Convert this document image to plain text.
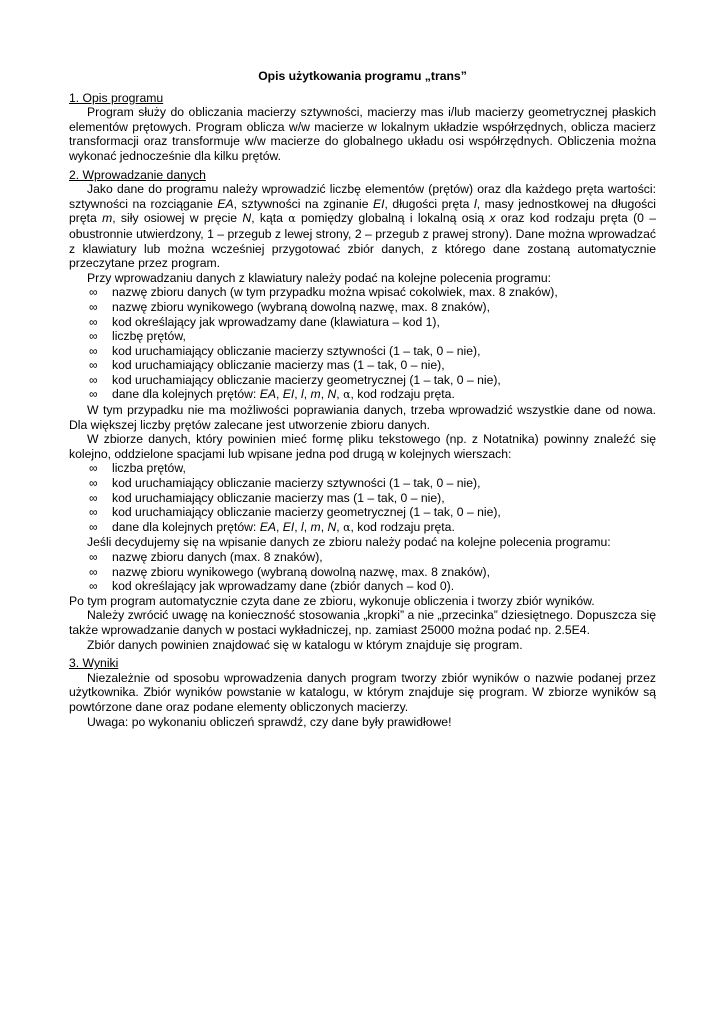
Opis użytkowania programu „trans”
1. Opis programu

Program służy do obliczania macierzy sztywności, macierzy mas i/lub macierzy geometrycznej płaskich elementów prętowych. Program oblicza w/w macierze w lokalnym układzie współrzędnych, oblicza macierz transformacji oraz transformuje w/w macierze do globalnego układu osi współrzędnych. Obliczenia można wykonać jednocześnie dla kilku prętów.

2. Wprowadzanie danych

Jako dane do programu należy wprowadzić liczbę elementów (prętów) oraz dla każdego pręta wartości: sztywności na rozciąganie EA, sztywności na zginanie EI, długości pręta l, masy jednostkowej na długości pręta m, siły osiowej w pręcie N, kąta α pomiędzy globalną i lokalną osią x oraz kod rodzaju pręta (0 – obustronnie utwierdzony, 1 – przegub z lewej strony, 2 – przegub z prawej strony). Dane można wprowadzać z klawiatury lub można wcześniej przygotować zbiór danych, z którego dane zostaną automatycznie przeczytane przez program.

Przy wprowadzaniu danych z klawiatury należy podać na kolejne polecenia programu:

∞ nazwę zbioru danych (w tym przypadku można wpisać cokolwiek, max. 8 znaków),
∞ nazwę zbioru wynikowego (wybraną dowolną nazwę, max. 8 znaków),
∞ kod określający jak wprowadzamy dane (klawiatura – kod 1),
∞ liczbę prętów,
∞ kod uruchamiający obliczanie macierzy sztywności (1 – tak, 0 – nie),
∞ kod uruchamiający obliczanie macierzy mas (1 – tak, 0 – nie),
∞ kod uruchamiający obliczanie macierzy geometrycznej (1 – tak, 0 – nie),
∞ dane dla kolejnych prętów: EA, EI, l, m, N, α, kod rodzaju pręta.

W tym przypadku nie ma możliwości poprawiania danych, trzeba wprowadzić wszystkie dane od nowa. Dla większej liczby prętów zalecane jest utworzenie zbioru danych.

W zbiorze danych, który powinien mieć formę pliku tekstowego (np. z Notatnika) powinny znaleźć się kolejno, oddzielone spacjami lub wpisane jedna pod drugą w kolejnych wierszach:

∞ liczba prętów,
∞ kod uruchamiający obliczanie macierzy sztywności (1 – tak, 0 – nie),
∞ kod uruchamiający obliczanie macierzy mas (1 – tak, 0 – nie),
∞ kod uruchamiający obliczanie macierzy geometrycznej (1 – tak, 0 – nie),
∞ dane dla kolejnych prętów: EA, EI, l, m, N, α, kod rodzaju pręta.

Jeśli decydujemy się na wpisanie danych ze zbioru należy podać na kolejne polecenia programu:

∞ nazwę zbioru danych (max. 8 znaków),
∞ nazwę zbioru wynikowego (wybraną dowolną nazwę, max. 8 znaków),
∞ kod określający jak wprowadzamy dane (zbiór danych – kod 0).

Po tym program automatycznie czyta dane ze zbioru, wykonuje obliczenia i tworzy zbiór wyników.

Należy zwrócić uwagę na konieczność stosowania „kropki” a nie „przecinka” dziesiętnego. Dopuszcza się także wprowadzanie danych w postaci wykładniczej, np. zamiast 25000 można podać np. 2.5E4.

Zbiór danych powinien znajdować się w katalogu w którym znajduje się program.

3. Wyniki

Niezależnie od sposobu wprowadzenia danych program tworzy zbiór wyników o nazwie podanej przez użytkownika. Zbiór wyników powstanie w katalogu, w którym znajduje się program. W zbiorze wyników są powtórzone dane oraz podane elementy obliczonych macierzy.

Uwaga: po wykonaniu obliczeń sprawdź, czy dane były prawidłowe!
